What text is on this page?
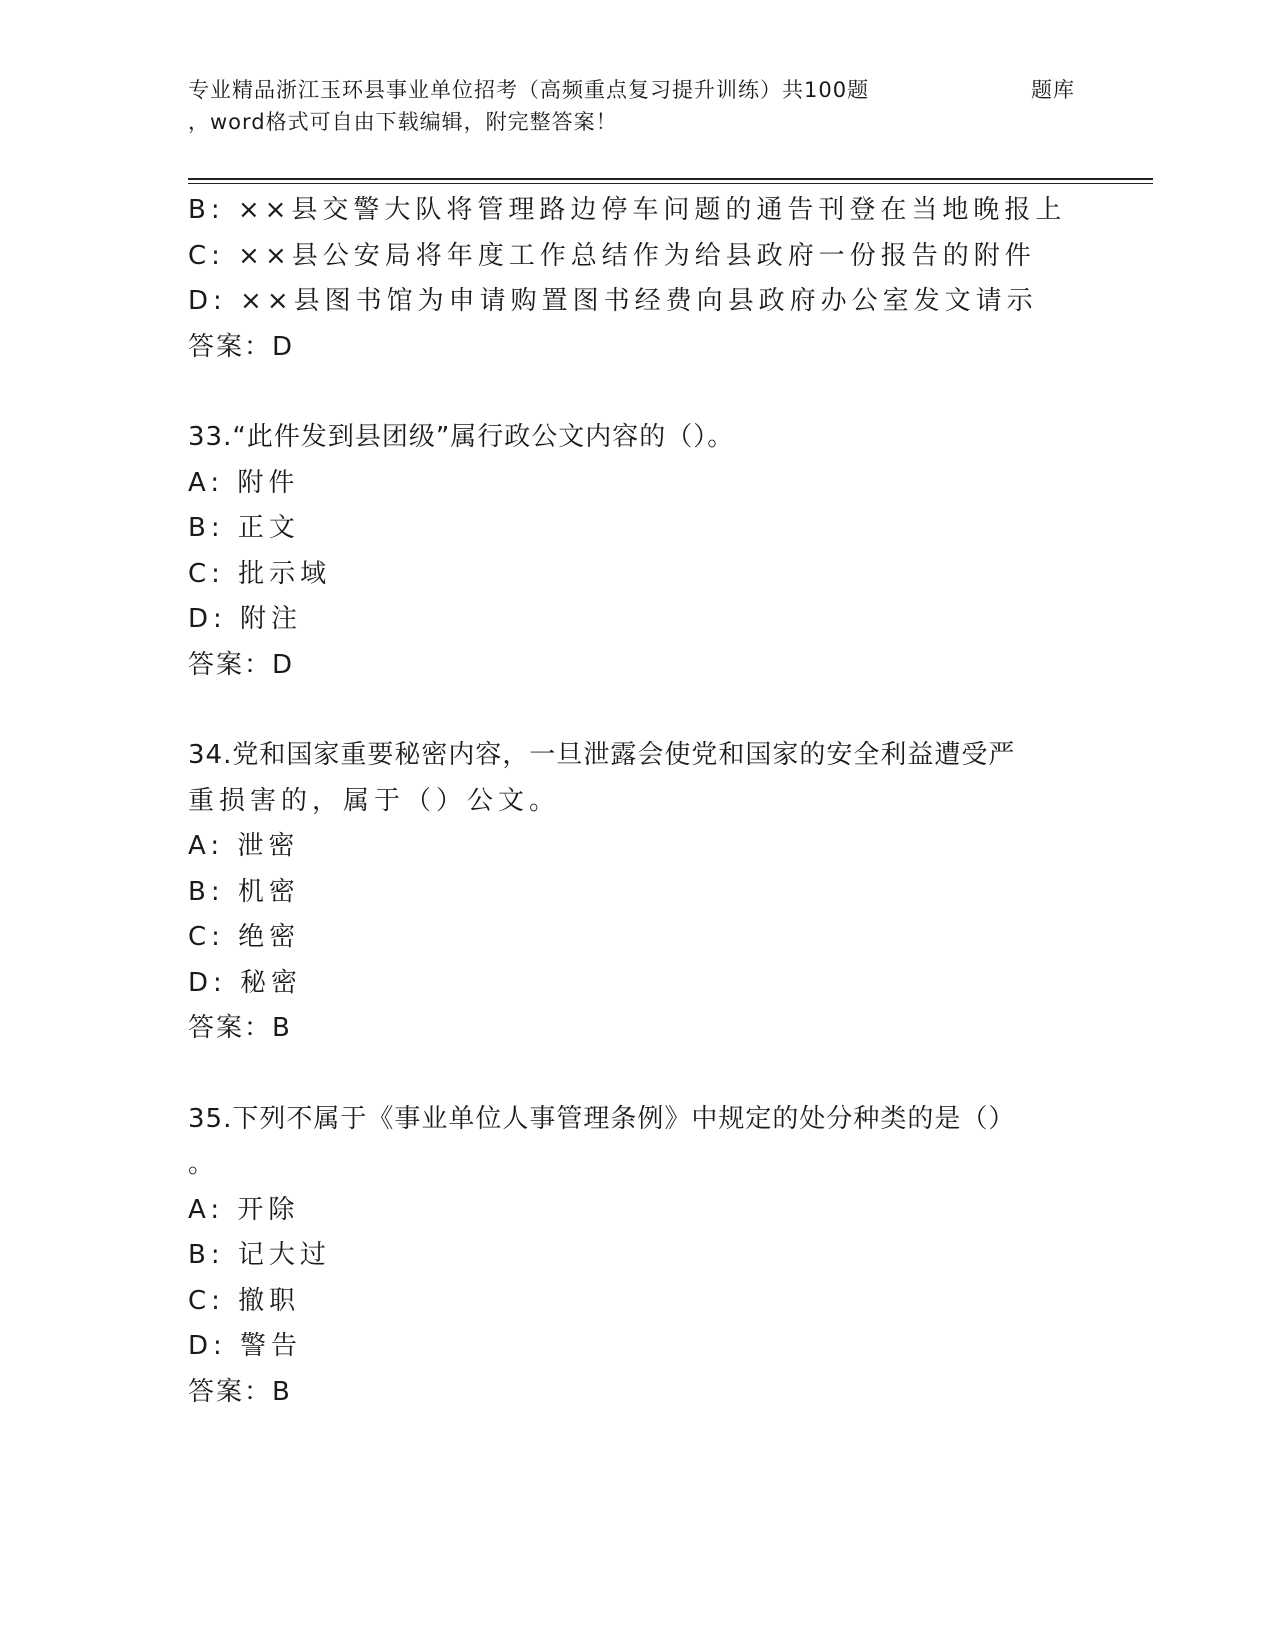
专业精品浙江玉环县事业单位招考（高频重点复习提升训练）共100题	题库
，word格式可自由下载编辑，附完整答案！
B: ××县交警大队将管理路边停车问题的通告刊登在当地晚报上
C: ××县公安局将年度工作总结作为给县政府一份报告的附件
D: ××县图书馆为申请购置图书经费向县政府办公室发文请示
答案：D
33.“此件发到县团级”属行政公文内容的（）。
A: 附件
B: 正文
C: 批示域
D: 附注
答案：D
34.党和国家重要秘密内容，一旦泄露会使党和国家的安全利益遭受严
重损害的，属于（）公文。
A: 泄密
B: 机密
C: 绝密
D: 秘密
答案：B
35.下列不属于《事业单位人事管理条例》中规定的处分种类的是（）
。
A: 开除
B: 记大过
C: 撤职
D: 警告
答案：B
